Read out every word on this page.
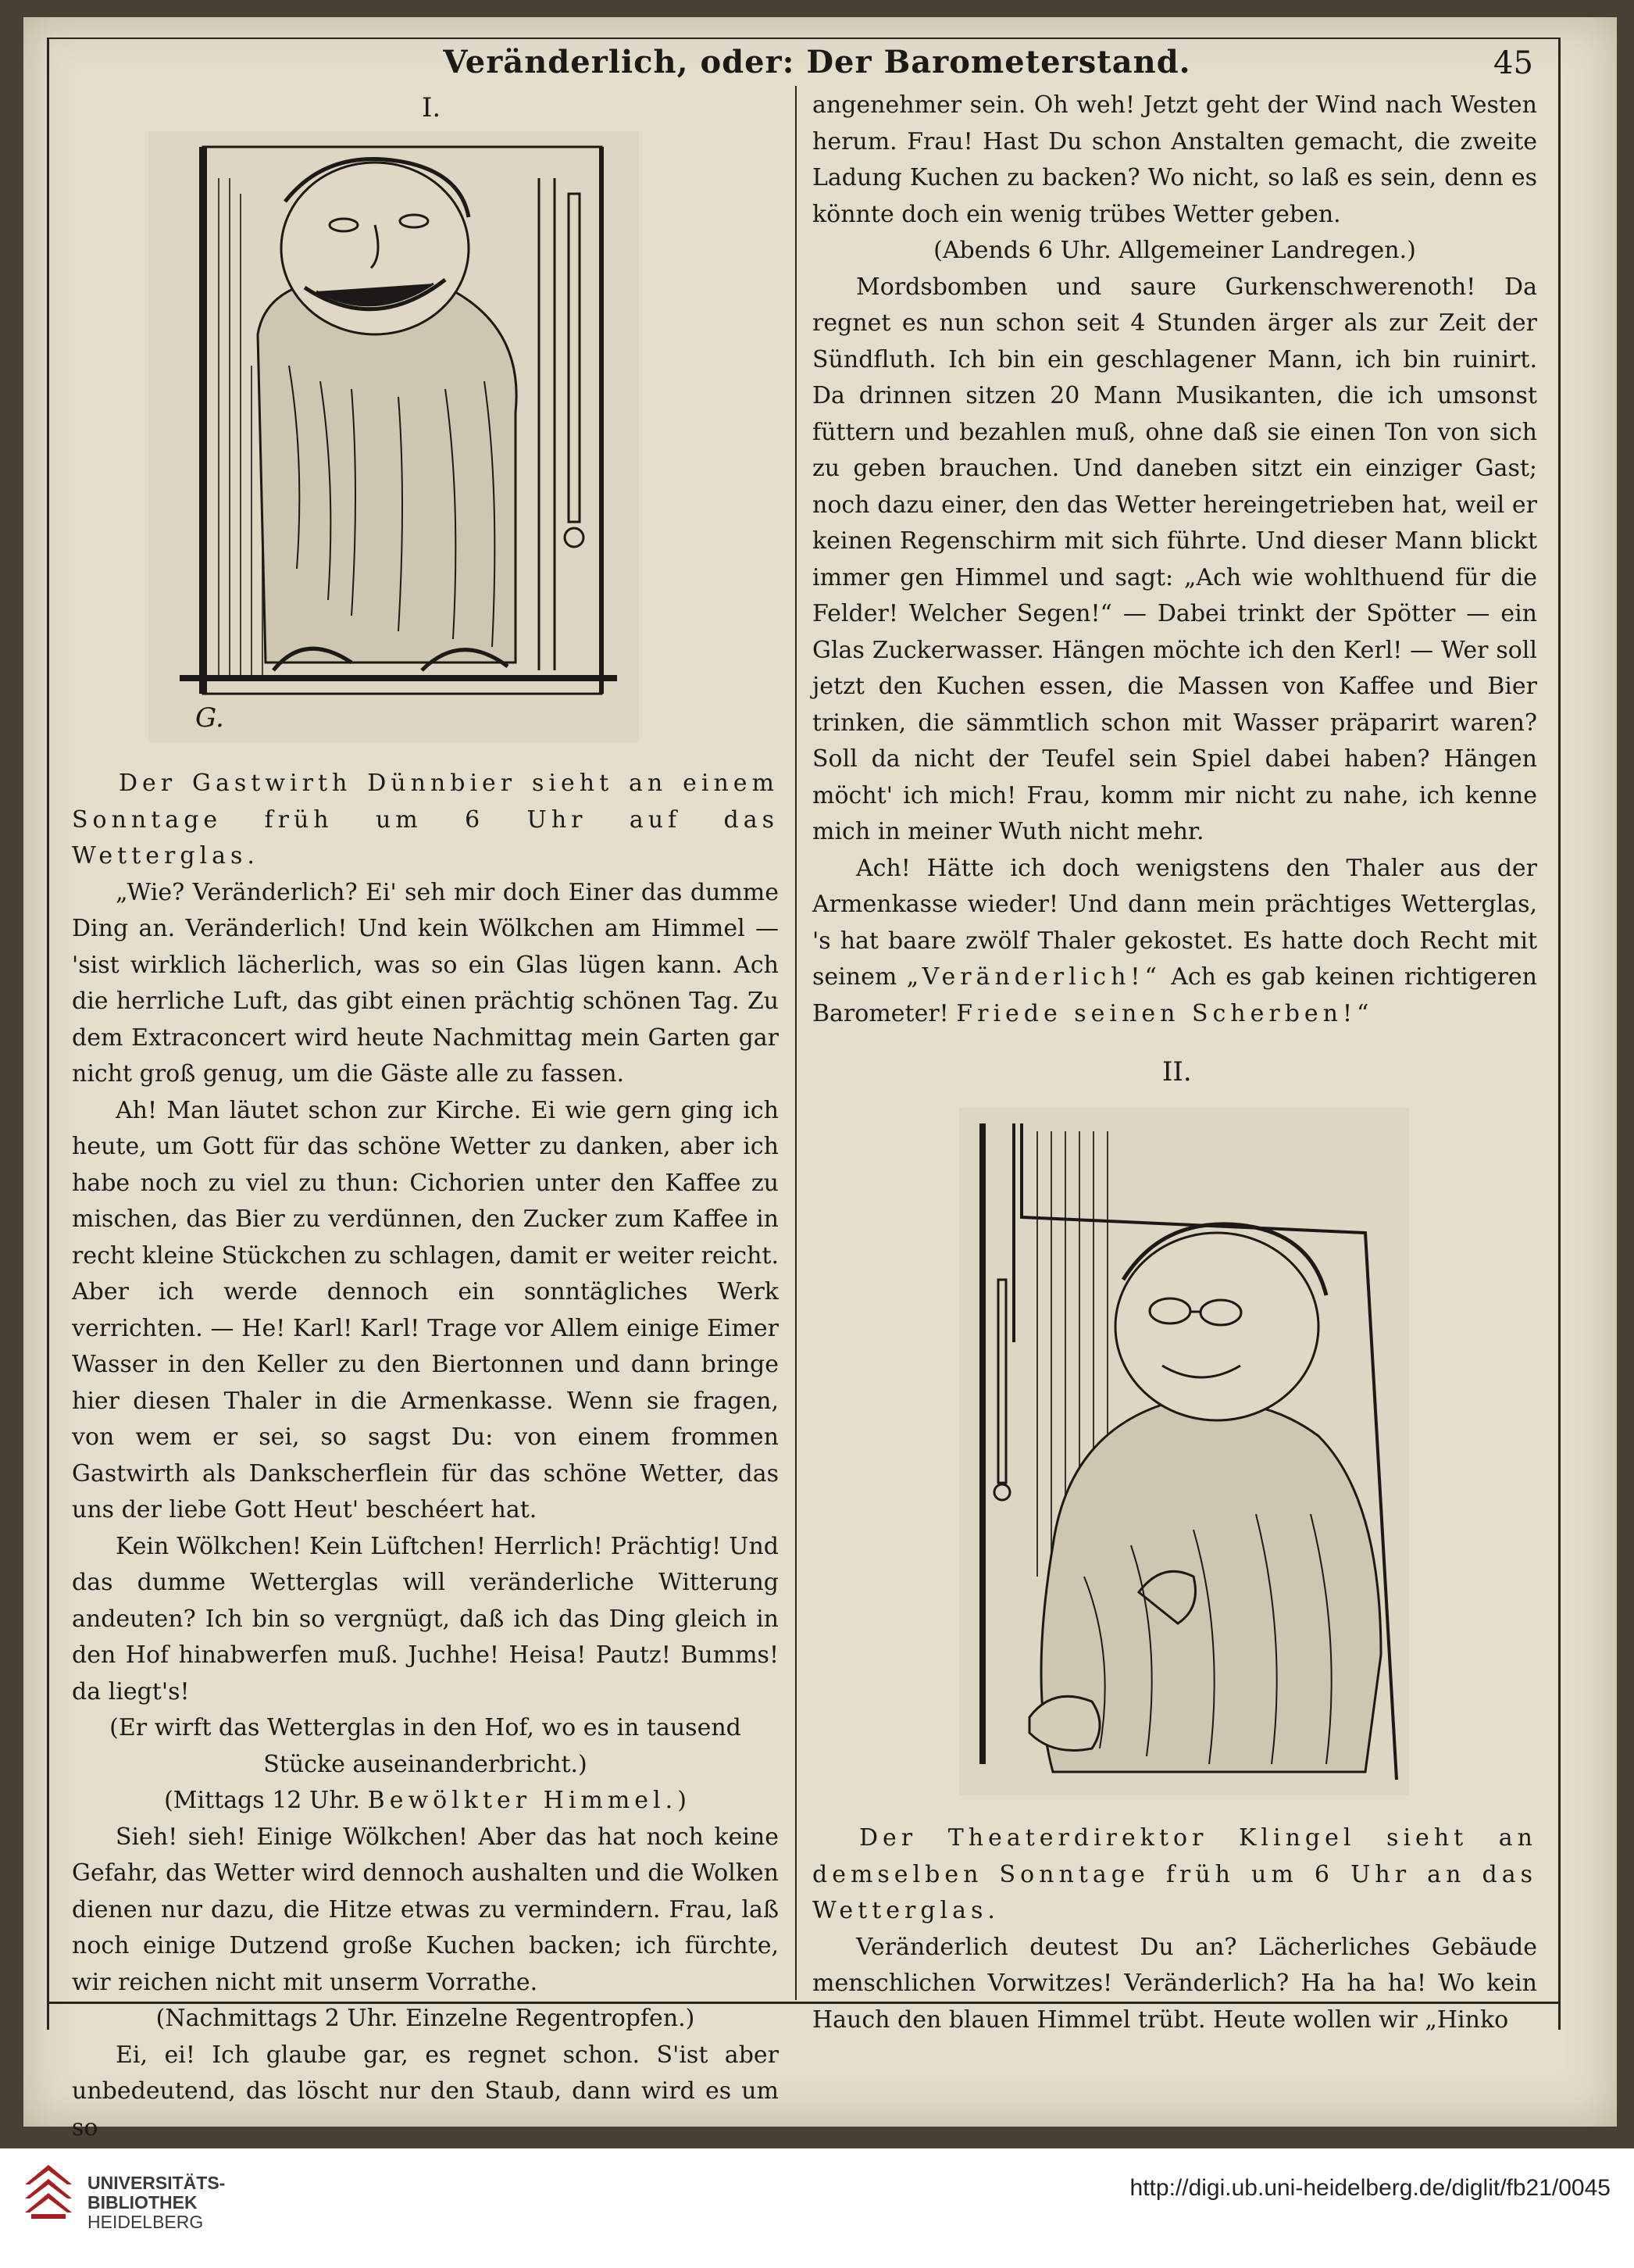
Veränderlich, oder: Der Barometerstand.	45
I.
G.

Der Gastwirth Dünnbier sieht an einem Sonntage früh um 6 Uhr auf das Wetterglas.

„Wie? Veränderlich? Ei' seh mir doch Einer das dumme Ding an. Veränderlich! Und kein Wölkchen am Himmel — 'sist wirklich lächerlich, was so ein Glas lügen kann. Ach die herrliche Luft, das gibt einen prächtig schönen Tag. Zu dem Extraconcert wird heute Nachmittag mein Garten gar nicht groß genug, um die Gäste alle zu fassen.

Ah! Man läutet schon zur Kirche. Ei wie gern ging ich heute, um Gott für das schöne Wetter zu danken, aber ich habe noch zu viel zu thun: Cichorien unter den Kaffee zu mischen, das Bier zu verdünnen, den Zucker zum Kaffee in recht kleine Stückchen zu schlagen, damit er weiter reicht. Aber ich werde dennoch ein sonntägliches Werk verrichten. — He! Karl! Karl! Trage vor Allem einige Eimer Wasser in den Keller zu den Biertonnen und dann bringe hier diesen Thaler in die Armenkasse. Wenn sie fragen, von wem er sei, so sagst Du: von einem frommen Gastwirth als Dankscherflein für das schöne Wetter, das uns der liebe Gott Heut' beschéert hat.

Kein Wölkchen! Kein Lüftchen! Herrlich! Prächtig! Und das dumme Wetterglas will veränderliche Witterung andeuten? Ich bin so vergnügt, daß ich das Ding gleich in den Hof hinabwerfen muß. Juchhe! Heisa! Pautz! Bumms! da liegt's!

(Er wirft das Wetterglas in den Hof, wo es in tausend Stücke auseinanderbricht.)

(Mittags 12 Uhr. Bewölkter Himmel.)

Sieh! sieh! Einige Wölkchen! Aber das hat noch keine Gefahr, das Wetter wird dennoch aushalten und die Wolken dienen nur dazu, die Hitze etwas zu vermindern. Frau, laß noch einige Dutzend große Kuchen backen; ich fürchte, wir reichen nicht mit unserm Vorrathe.

(Nachmittags 2 Uhr. Einzelne Regentropfen.)

Ei, ei! Ich glaube gar, es regnet schon. S'ist aber unbedeutend, das löscht nur den Staub, dann wird es um so

angenehmer sein. Oh weh! Jetzt geht der Wind nach Westen herum. Frau! Hast Du schon Anstalten gemacht, die zweite Ladung Kuchen zu backen? Wo nicht, so laß es sein, denn es könnte doch ein wenig trübes Wetter geben.

(Abends 6 Uhr. Allgemeiner Landregen.)

Mordsbomben und saure Gurkenschwerenoth! Da regnet es nun schon seit 4 Stunden ärger als zur Zeit der Sündfluth. Ich bin ein geschlagener Mann, ich bin ruinirt. Da drinnen sitzen 20 Mann Musikanten, die ich umsonst füttern und bezahlen muß, ohne daß sie einen Ton von sich zu geben brauchen. Und daneben sitzt ein einziger Gast; noch dazu einer, den das Wetter hereingetrieben hat, weil er keinen Regenschirm mit sich führte. Und dieser Mann blickt immer gen Himmel und sagt: „Ach wie wohlthuend für die Felder! Welcher Segen!“ — Dabei trinkt der Spötter — ein Glas Zuckerwasser. Hängen möchte ich den Kerl! — Wer soll jetzt den Kuchen essen, die Massen von Kaffee und Bier trinken, die sämmtlich schon mit Wasser präparirt waren? Soll da nicht der Teufel sein Spiel dabei haben? Hängen möcht' ich mich! Frau, komm mir nicht zu nahe, ich kenne mich in meiner Wuth nicht mehr.

Ach! Hätte ich doch wenigstens den Thaler aus der Armenkasse wieder! Und dann mein prächtiges Wetterglas, 's hat baare zwölf Thaler gekostet. Es hatte doch Recht mit seinem „Veränderlich!“ Ach es gab keinen richtigeren Barometer! Friede seinen Scherben!“

II.

Der Theaterdirektor Klingel sieht an demselben Sonntage früh um 6 Uhr an das Wetterglas.

Veränderlich deutest Du an? Lächerliches Gebäude menschlichen Vorwitzes! Veränderlich? Ha ha ha! Wo kein Hauch den blauen Himmel trübt. Heute wollen wir „Hinko

UNIVERSITÄTS-
BIBLIOTHEK
HEIDELBERG
http://digi.ub.uni-heidelberg.de/diglit/fb21/0045
